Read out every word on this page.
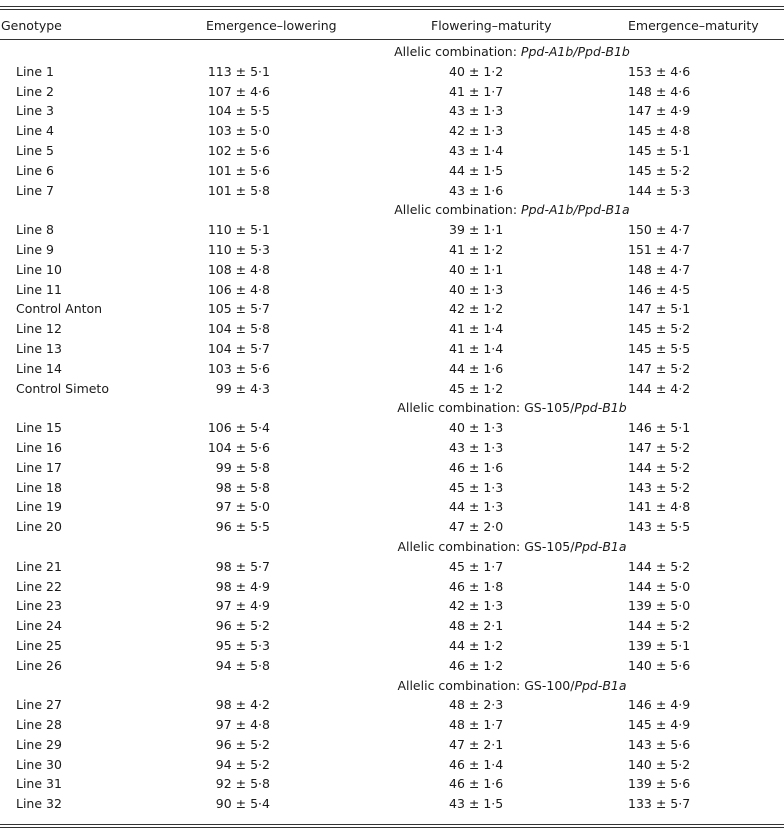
Genotype	Emergence–lowering	Flowering–maturity	Emergence–maturity

Allelic combination: Ppd-A1b/Ppd-B1b			
Line 1	113 ± 5·1	40 ± 1·2	153 ± 4·6
Line 2	107 ± 4·6	41 ± 1·7	148 ± 4·6
Line 3	104 ± 5·5	43 ± 1·3	147 ± 4·9
Line 4	103 ± 5·0	42 ± 1·3	145 ± 4·8
Line 5	102 ± 5·6	43 ± 1·4	145 ± 5·1
Line 6	101 ± 5·6	44 ± 1·5	145 ± 5·2
Line 7	101 ± 5·8	43 ± 1·6	144 ± 5·3
Allelic combination: Ppd-A1b/Ppd-B1a			
Line 8	110 ± 5·1	39 ± 1·1	150 ± 4·7
Line 9	110 ± 5·3	41 ± 1·2	151 ± 4·7
Line 10	108 ± 4·8	40 ± 1·1	148 ± 4·7
Line 11	106 ± 4·8	40 ± 1·3	146 ± 4·5
Control Anton	105 ± 5·7	42 ± 1·2	147 ± 5·1
Line 12	104 ± 5·8	41 ± 1·4	145 ± 5·2
Line 13	104 ± 5·7	41 ± 1·4	145 ± 5·5
Line 14	103 ± 5·6	44 ± 1·6	147 ± 5·2
Control Simeto	99 ± 4·3	45 ± 1·2	144 ± 4·2
Allelic combination: GS-105/Ppd-B1b			
Line 15	106 ± 5·4	40 ± 1·3	146 ± 5·1
Line 16	104 ± 5·6	43 ± 1·3	147 ± 5·2
Line 17	99 ± 5·8	46 ± 1·6	144 ± 5·2
Line 18	98 ± 5·8	45 ± 1·3	143 ± 5·2
Line 19	97 ± 5·0	44 ± 1·3	141 ± 4·8
Line 20	96 ± 5·5	47 ± 2·0	143 ± 5·5
Allelic combination: GS-105/Ppd-B1a			
Line 21	98 ± 5·7	45 ± 1·7	144 ± 5·2
Line 22	98 ± 4·9	46 ± 1·8	144 ± 5·0
Line 23	97 ± 4·9	42 ± 1·3	139 ± 5·0
Line 24	96 ± 5·2	48 ± 2·1	144 ± 5·2
Line 25	95 ± 5·3	44 ± 1·2	139 ± 5·1
Line 26	94 ± 5·8	46 ± 1·2	140 ± 5·6
Allelic combination: GS-100/Ppd-B1a			
Line 27	98 ± 4·2	48 ± 2·3	146 ± 4·9
Line 28	97 ± 4·8	48 ± 1·7	145 ± 4·9
Line 29	96 ± 5·2	47 ± 2·1	143 ± 5·6
Line 30	94 ± 5·2	46 ± 1·4	140 ± 5·2
Line 31	92 ± 5·8	46 ± 1·6	139 ± 5·6
Line 32	90 ± 5·4	43 ± 1·5	133 ± 5·7
